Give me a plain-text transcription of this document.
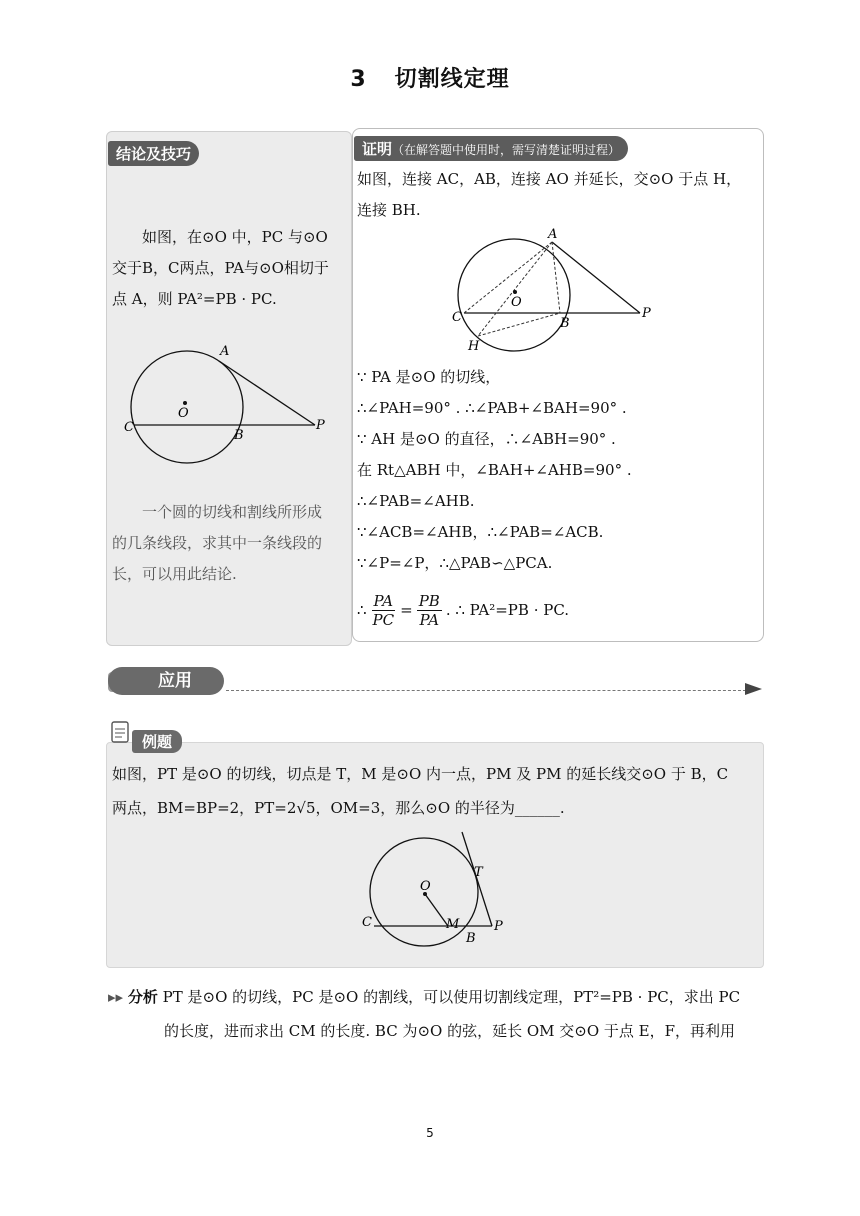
3 切割线定理
结论及技巧
如图，在⊙O 中，PC 与⊙O
交于B，C两点，PA与⊙O相切于
点 A，则 PA²=PB · PC.
A
O
C
B
P
一个圆的切线和割线所形成
的几条线段，求其中一条线段的
长，可以用此结论.
证明（在解答题中使用时，需写清楚证明过程）
如图，连接 AC，AB，连接 AO 并延长，交⊙O 于点 H，
连接 BH.
A
O
C	B
P
H
∵ PA 是⊙O 的切线，
∴∠PAH=90° . ∴∠PAB+∠BAH=90° .
∵ AH 是⊙O 的直径，∴∠ABH=90° .
在 Rt△ABH 中，∠BAH+∠AHB=90° .
∴∠PAB=∠AHB.
∵∠ACB=∠AHB，∴∠PAB=∠ACB.
∵∠P=∠P，∴△PAB∽△PCA.
∴ $\frac{PA}{PC} = \frac{PB}{PA}$ . ∴ PA²=PB · PC.
应用
例题
如图，PT 是⊙O 的切线，切点是 T，M 是⊙O 内一点，PM 及 PM 的延长线交⊙O 于 B，C
两点，BM=BP=2，PT=2√5，OM=3，那么⊙O 的半径为______.
O
T
M
C
B
P
▸▸ 分析 PT 是⊙O 的切线，PC 是⊙O 的割线，可以使用切割线定理，PT²=PB · PC，求出 PC
的长度，进而求出 CM 的长度. BC 为⊙O 的弦，延长 OM 交⊙O 于点 E，F，再利用
5
